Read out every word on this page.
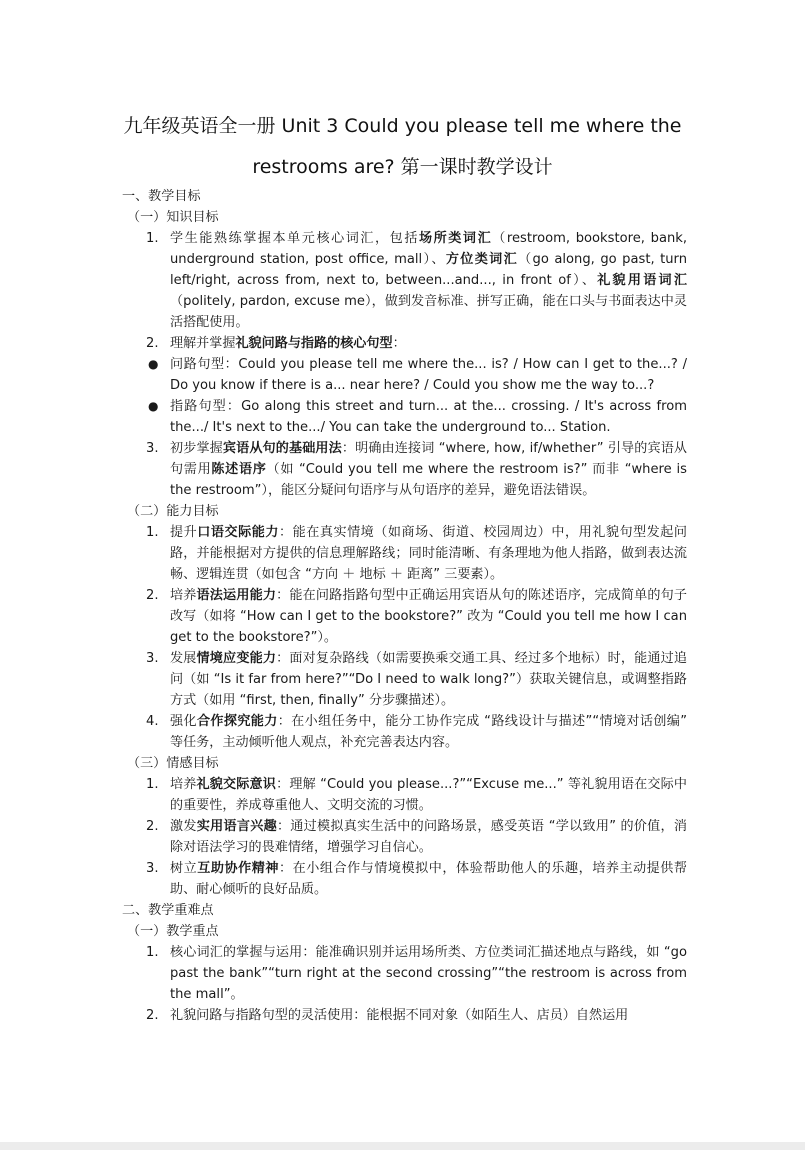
九年级英语全一册 Unit 3 Could you please tell me where the
restrooms are? 第一课时教学设计

一、教学目标

（一）知识目标

1. 学生能熟练掌握本单元核心词汇，包括场所类词汇（restroom, bookstore, bank, underground station, post office, mall）、方位类词汇（go along, go past, turn left/right, across from, next to, between...and..., in front of）、礼貌用语词汇（politely, pardon, excuse me），做到发音标准、拼写正确，能在口头与书面表达中灵活搭配使用。

2. 理解并掌握礼貌问路与指路的核心句型：

● 问路句型：Could you please tell me where the... is? / How can I get to the...? / Do you know if there is a... near here? / Could you show me the way to...?

● 指路句型：Go along this street and turn... at the... crossing. / It's across from the.../ It's next to the.../ You can take the underground to... Station.

3. 初步掌握宾语从句的基础用法：明确由连接词 “where, how, if/whether” 引导的宾语从句需用陈述语序（如 “Could you tell me where the restroom is?” 而非 “where is the restroom”），能区分疑问句语序与从句语序的差异，避免语法错误。

（二）能力目标

1. 提升口语交际能力：能在真实情境（如商场、街道、校园周边）中，用礼貌句型发起问路，并能根据对方提供的信息理解路线；同时能清晰、有条理地为他人指路，做到表达流畅、逻辑连贯（如包含 “方向 ＋ 地标 ＋ 距离” 三要素）。

2. 培养语法运用能力：能在问路指路句型中正确运用宾语从句的陈述语序，完成简单的句子改写（如将 “How can I get to the bookstore?” 改为 “Could you tell me how I can get to the bookstore?”）。

3. 发展情境应变能力：面对复杂路线（如需要换乘交通工具、经过多个地标）时，能通过追问（如 “Is it far from here?”“Do I need to walk long?”）获取关键信息，或调整指路方式（如用 “first, then, finally” 分步骤描述）。

4. 强化合作探究能力：在小组任务中，能分工协作完成 “路线设计与描述”“情境对话创编” 等任务，主动倾听他人观点，补充完善表达内容。

（三）情感目标

1. 培养礼貌交际意识：理解 “Could you please...?”“Excuse me...” 等礼貌用语在交际中的重要性，养成尊重他人、文明交流的习惯。

2. 激发实用语言兴趣：通过模拟真实生活中的问路场景，感受英语 “学以致用” 的价值，消除对语法学习的畏难情绪，增强学习自信心。

3. 树立互助协作精神：在小组合作与情境模拟中，体验帮助他人的乐趣，培养主动提供帮助、耐心倾听的良好品质。

二、教学重难点

（一）教学重点

1. 核心词汇的掌握与运用：能准确识别并运用场所类、方位类词汇描述地点与路线，如 “go past the bank”“turn right at the second crossing”“the restroom is across from the mall”。

2. 礼貌问路与指路句型的灵活使用：能根据不同对象（如陌生人、店员）自然运用
